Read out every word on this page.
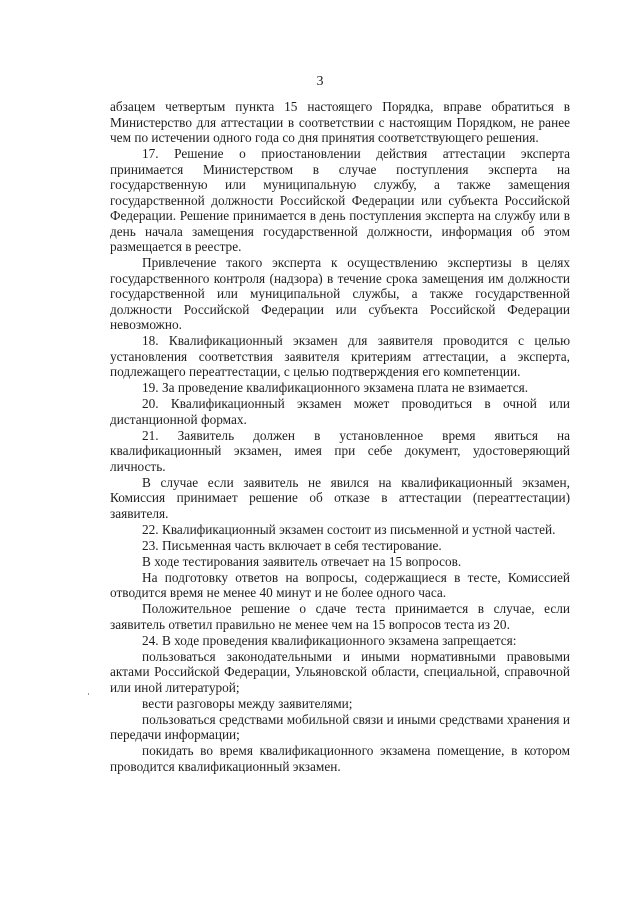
3

абзацем четвертым пункта 15 настоящего Порядка, вправе обратиться в Министерство для аттестации в соответствии с настоящим Порядком, не ранее чем по истечении одного года со дня принятия соответствующего решения.

17. Решение о приостановлении действия аттестации эксперта принимается Министерством в случае поступления эксперта на государственную или муниципальную службу, а также замещения государственной должности Российской Федерации или субъекта Российской Федерации. Решение принимается в день поступления эксперта на службу или в день начала замещения государственной должности, информация об этом размещается в реестре.

Привлечение такого эксперта к осуществлению экспертизы в целях государственного контроля (надзора) в течение срока замещения им должности государственной или муниципальной службы, а также государственной должности Российской Федерации или субъекта Российской Федерации невозможно.

18. Квалификационный экзамен для заявителя проводится с целью установления соответствия заявителя критериям аттестации, а эксперта, подлежащего переаттестации, с целью подтверждения его компетенции.

19. За проведение квалификационного экзамена плата не взимается.

20. Квалификационный экзамен может проводиться в очной или дистанционной формах.

21. Заявитель должен в установленное время явиться на квалификационный экзамен, имея при себе документ, удостоверяющий личность.

В случае если заявитель не явился на квалификационный экзамен, Комиссия принимает решение об отказе в аттестации (переаттестации) заявителя.

22. Квалификационный экзамен состоит из письменной и устной частей.

23. Письменная часть включает в себя тестирование.

В ходе тестирования заявитель отвечает на 15 вопросов.

На подготовку ответов на вопросы, содержащиеся в тесте, Комиссией отводится время не менее 40 минут и не более одного часа.

Положительное решение о сдаче теста принимается в случае, если заявитель ответил правильно не менее чем на 15 вопросов теста из 20.

24. В ходе проведения квалификационного экзамена запрещается:

пользоваться законодательными и иными нормативными правовыми актами Российской Федерации, Ульяновской области, специальной, справочной или иной литературой;

вести разговоры между заявителями;

пользоваться средствами мобильной связи и иными средствами хранения и передачи информации;

покидать во время квалификационного экзамена помещение, в котором проводится квалификационный экзамен.
